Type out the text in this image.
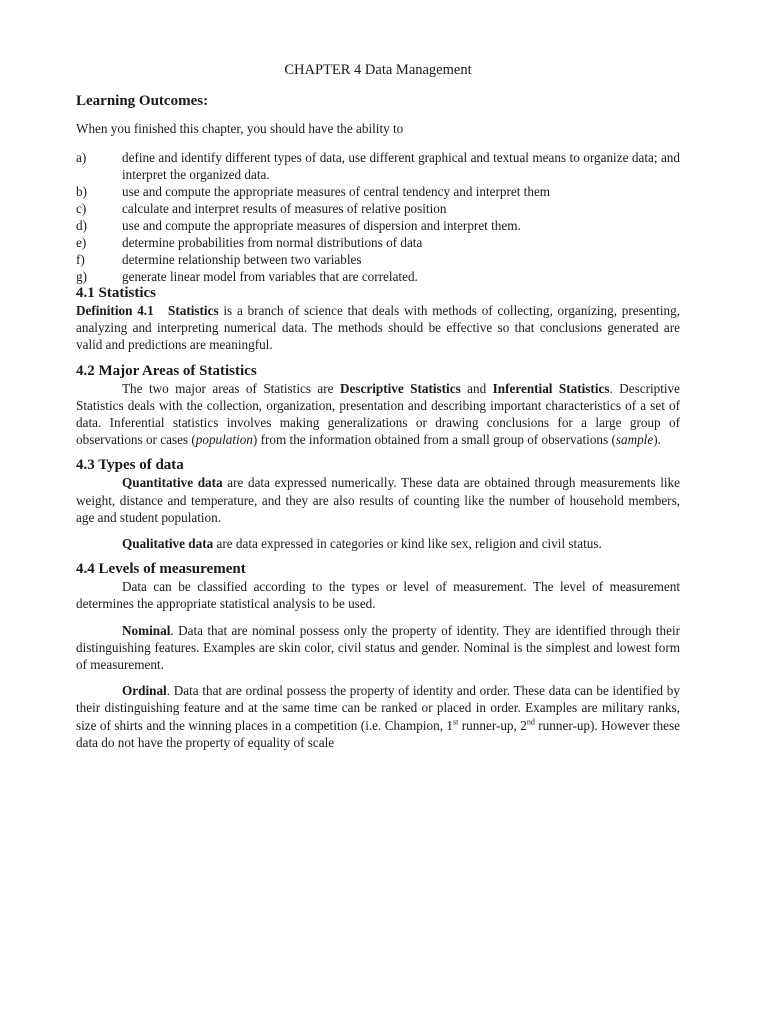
CHAPTER 4 Data Management
Learning Outcomes:

When you finished this chapter, you should have the ability to

a)	define and identify different types of data, use different graphical and textual means to organize data; and interpret the organized data.
b)	use and compute the appropriate measures of central tendency and interpret them
c)	calculate and interpret results of measures of relative position
d)	use and compute the appropriate measures of dispersion and interpret them.
e)	determine probabilities from normal distributions of data
f)	determine relationship between two variables
g)	generate linear model from variables that are correlated.
4.1 Statistics

Definition 4.1 Statistics is a branch of science that deals with methods of collecting, organizing, presenting, analyzing and interpreting numerical data. The methods should be effective so that conclusions generated are valid and predictions are meaningful.

4.2 Major Areas of Statistics

The two major areas of Statistics are Descriptive Statistics and Inferential Statistics. Descriptive Statistics deals with the collection, organization, presentation and describing important characteristics of a set of data. Inferential statistics involves making generalizations or drawing conclusions for a large group of observations or cases (population) from the information obtained from a small group of observations (sample).

4.3 Types of data

Quantitative data are data expressed numerically. These data are obtained through measurements like weight, distance and temperature, and they are also results of counting like the number of household members, age and student population.

Qualitative data are data expressed in categories or kind like sex, religion and civil status.

4.4 Levels of measurement

Data can be classified according to the types or level of measurement. The level of measurement determines the appropriate statistical analysis to be used.

Nominal. Data that are nominal possess only the property of identity. They are identified through their distinguishing features. Examples are skin color, civil status and gender. Nominal is the simplest and lowest form of measurement.

Ordinal. Data that are ordinal possess the property of identity and order. These data can be identified by their distinguishing feature and at the same time can be ranked or placed in order. Examples are military ranks, size of shirts and the winning places in a competition (i.e. Champion, 1st runner-up, 2nd runner-up). However these data do not have the property of equality of scale
